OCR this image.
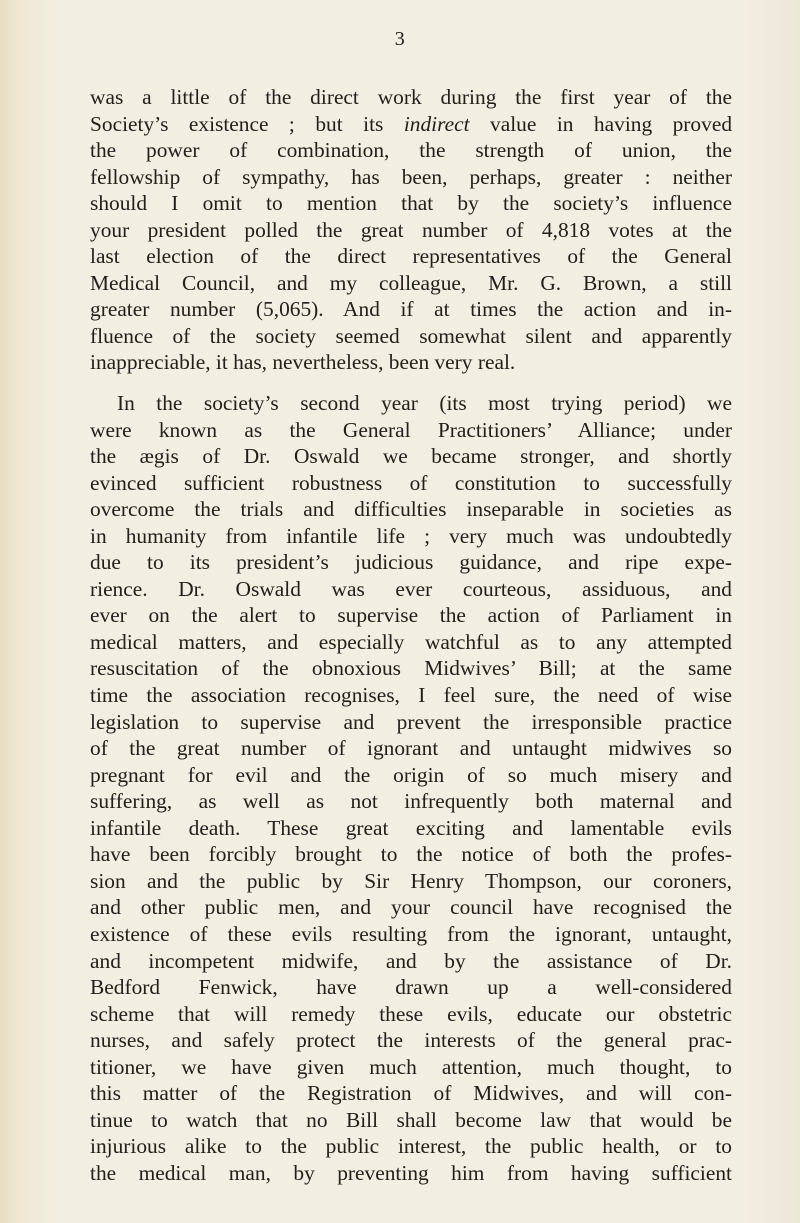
3
was a little of the direct work during the first year of the
Society’s existence ; but its indirect value in having proved
the power of combination, the strength of union, the
fellowship of sympathy, has been, perhaps, greater : neither
should I omit to mention that by the society’s influence
your president polled the great number of 4,818 votes at the
last election of the direct representatives of the General
Medical Council, and my colleague, Mr. G. Brown, a still
greater number (5,065). And if at times the action and in-
fluence of the society seemed somewhat silent and apparently
inappreciable, it has, nevertheless, been very real.
In the society’s second year (its most trying period) we
were known as the General Practitioners’ Alliance; under
the ægis of Dr. Oswald we became stronger, and shortly
evinced sufficient robustness of constitution to successfully
overcome the trials and difficulties inseparable in societies as
in humanity from infantile life ; very much was undoubtedly
due to its president’s judicious guidance, and ripe expe-
rience. Dr. Oswald was ever courteous, assiduous, and
ever on the alert to supervise the action of Parliament in
medical matters, and especially watchful as to any attempted
resuscitation of the obnoxious Midwives’ Bill; at the same
time the association recognises, I feel sure, the need of wise
legislation to supervise and prevent the irresponsible practice
of the great number of ignorant and untaught midwives so
pregnant for evil and the origin of so much misery and
suffering, as well as not infrequently both maternal and
infantile death. These great exciting and lamentable evils
have been forcibly brought to the notice of both the profes-
sion and the public by Sir Henry Thompson, our coroners,
and other public men, and your council have recognised the
existence of these evils resulting from the ignorant, untaught,
and incompetent midwife, and by the assistance of Dr.
Bedford Fenwick, have drawn up a well-considered
scheme that will remedy these evils, educate our obstetric
nurses, and safely protect the interests of the general prac-
titioner, we have given much attention, much thought, to
this matter of the Registration of Midwives, and will con-
tinue to watch that no Bill shall become law that would be
injurious alike to the public interest, the public health, or to
the medical man, by preventing him from having sufficient
